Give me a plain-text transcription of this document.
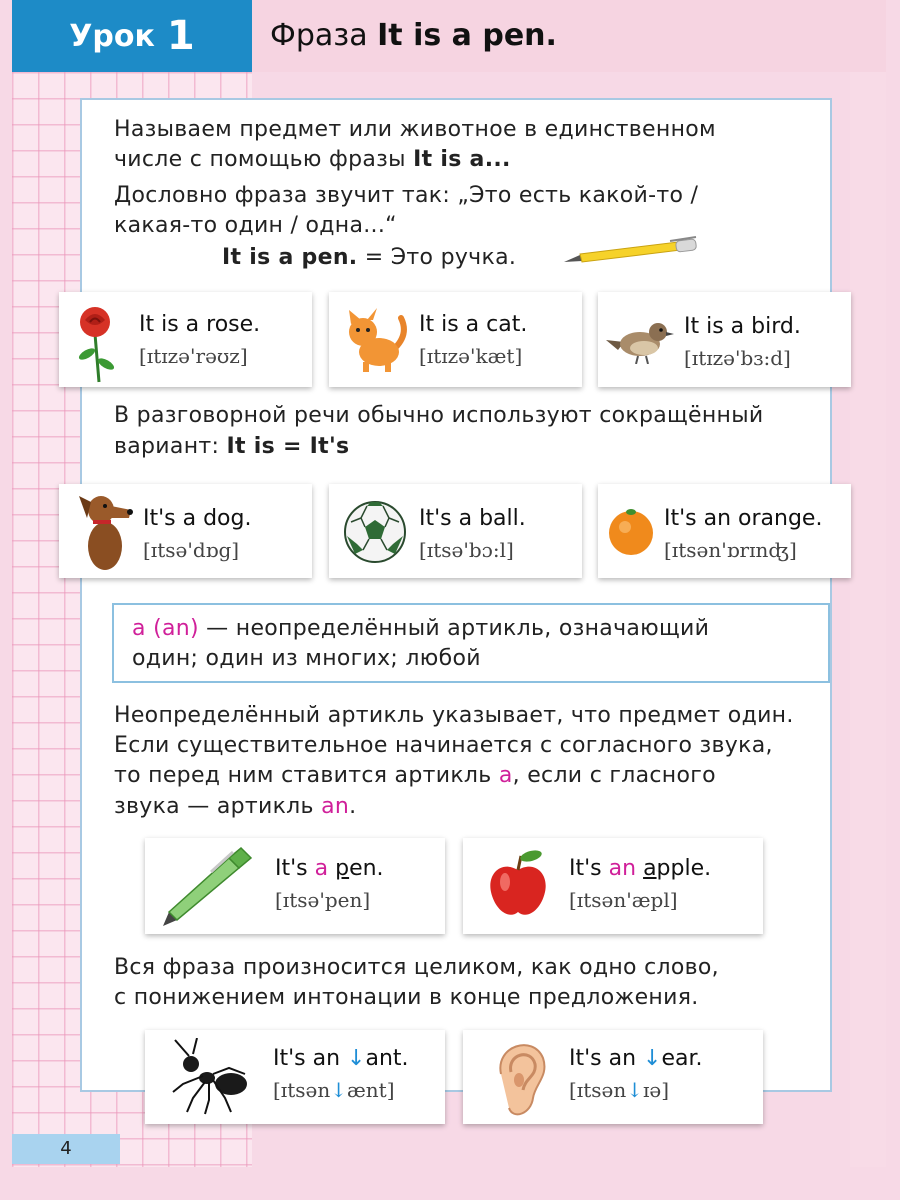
Урок 1	Фраза It is a pen.
Называем предмет или животное в единственном
числе с помощью фразы It is a...
Дословно фраза звучит так: „Это есть какой-то /
какая-то один / одна...“
It is a pen. = Это ручка.
It is a rose.
[ɪtɪzə'rəʊz]
It is a cat.
[ɪtɪzə'kæt]
It is a bird.
[ɪtɪzə'bɜ:d]
В разговорной речи обычно используют сокращённый
вариант: It is = It's
It's a dog.
[ɪtsə'dɒg]
It's a ball.
[ɪtsə'bɔ:l]
It's an orange.
[ɪtsən'ɒrɪnʤ]
a (an) — неопределённый артикль, означающий
один; один из многих; любой
Неопределённый артикль указывает, что предмет один.
Если существительное начинается с согласного звука,
то перед ним ставится артикль a, если с гласного
звука — артикль an.
It's a pen.
[ɪtsə'pen]
It's an apple.
[ɪtsən'æpl]
Вся фраза произносится целиком, как одно слово,
с понижением интонации в конце предложения.
It's an ↓ant.
[ɪtsən↓ænt]
It's an ↓ear.
[ɪtsən↓ɪə]
4
